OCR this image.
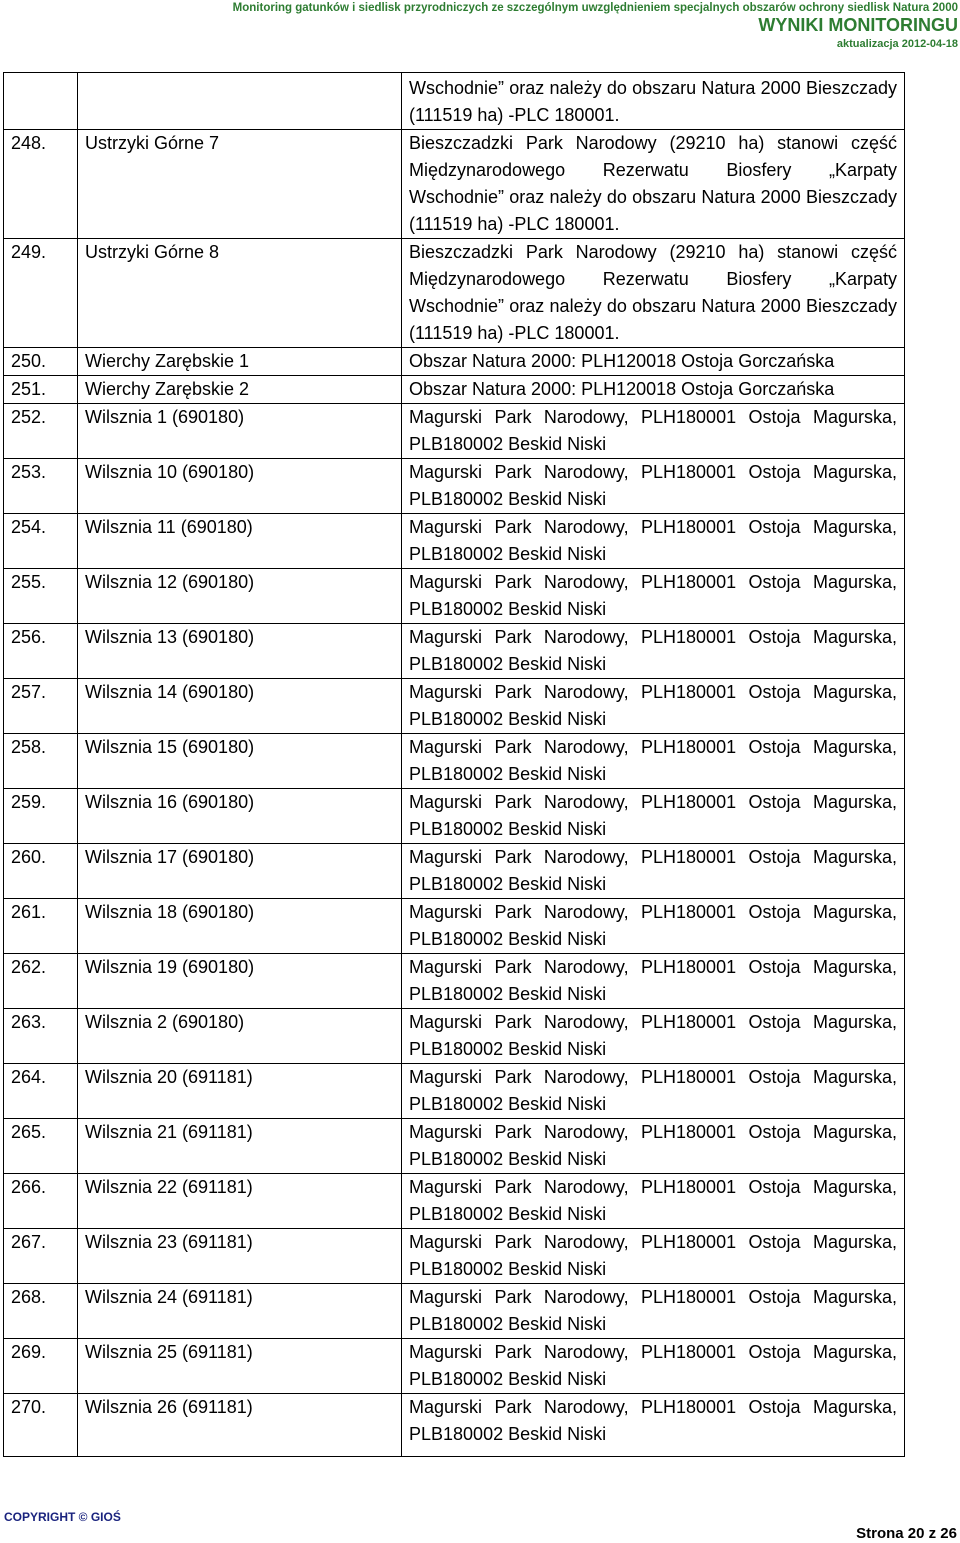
Monitoring gatunków i siedlisk przyrodniczych ze szczególnym uwzględnieniem specjalnych obszarów ochrony siedlisk Natura 2000
WYNIKI MONITORINGU
aktualizacja 2012-04-18
		Wschodnie” oraz należy do obszaru Natura 2000 Bieszczady (111519 ha) -PLC 180001.
248.	Ustrzyki Górne 7	Bieszczadzki Park Narodowy (29210 ha) stanowi część Międzynarodowego Rezerwatu Biosfery „Karpaty Wschodnie” oraz należy do obszaru Natura 2000 Bieszczady (111519 ha) -PLC 180001.
249.	Ustrzyki Górne 8	Bieszczadzki Park Narodowy (29210 ha) stanowi część Międzynarodowego Rezerwatu Biosfery „Karpaty Wschodnie” oraz należy do obszaru Natura 2000 Bieszczady (111519 ha) -PLC 180001.
250.	Wierchy Zarębskie 1	Obszar Natura 2000: PLH120018 Ostoja Gorczańska
251.	Wierchy Zarębskie 2	Obszar Natura 2000: PLH120018 Ostoja Gorczańska
252.	Wilsznia 1 (690180)	Magurski Park Narodowy, PLH180001 Ostoja Magurska, PLB180002 Beskid Niski
253.	Wilsznia 10 (690180)	Magurski Park Narodowy, PLH180001 Ostoja Magurska, PLB180002 Beskid Niski
254.	Wilsznia 11 (690180)	Magurski Park Narodowy, PLH180001 Ostoja Magurska, PLB180002 Beskid Niski
255.	Wilsznia 12 (690180)	Magurski Park Narodowy, PLH180001 Ostoja Magurska, PLB180002 Beskid Niski
256.	Wilsznia 13 (690180)	Magurski Park Narodowy, PLH180001 Ostoja Magurska, PLB180002 Beskid Niski
257.	Wilsznia 14 (690180)	Magurski Park Narodowy, PLH180001 Ostoja Magurska, PLB180002 Beskid Niski
258.	Wilsznia 15 (690180)	Magurski Park Narodowy, PLH180001 Ostoja Magurska, PLB180002 Beskid Niski
259.	Wilsznia 16 (690180)	Magurski Park Narodowy, PLH180001 Ostoja Magurska, PLB180002 Beskid Niski
260.	Wilsznia 17 (690180)	Magurski Park Narodowy, PLH180001 Ostoja Magurska, PLB180002 Beskid Niski
261.	Wilsznia 18 (690180)	Magurski Park Narodowy, PLH180001 Ostoja Magurska, PLB180002 Beskid Niski
262.	Wilsznia 19 (690180)	Magurski Park Narodowy, PLH180001 Ostoja Magurska, PLB180002 Beskid Niski
263.	Wilsznia 2 (690180)	Magurski Park Narodowy, PLH180001 Ostoja Magurska, PLB180002 Beskid Niski
264.	Wilsznia 20 (691181)	Magurski Park Narodowy, PLH180001 Ostoja Magurska, PLB180002 Beskid Niski
265.	Wilsznia 21 (691181)	Magurski Park Narodowy, PLH180001 Ostoja Magurska, PLB180002 Beskid Niski
266.	Wilsznia 22 (691181)	Magurski Park Narodowy, PLH180001 Ostoja Magurska, PLB180002 Beskid Niski
267.	Wilsznia 23 (691181)	Magurski Park Narodowy, PLH180001 Ostoja Magurska, PLB180002 Beskid Niski
268.	Wilsznia 24 (691181)	Magurski Park Narodowy, PLH180001 Ostoja Magurska, PLB180002 Beskid Niski
269.	Wilsznia 25 (691181)	Magurski Park Narodowy, PLH180001 Ostoja Magurska, PLB180002 Beskid Niski
270.	Wilsznia 26 (691181)	Magurski Park Narodowy, PLH180001 Ostoja Magurska, PLB180002 Beskid Niski
COPYRIGHT © GIOŚ
Strona 20 z 26
